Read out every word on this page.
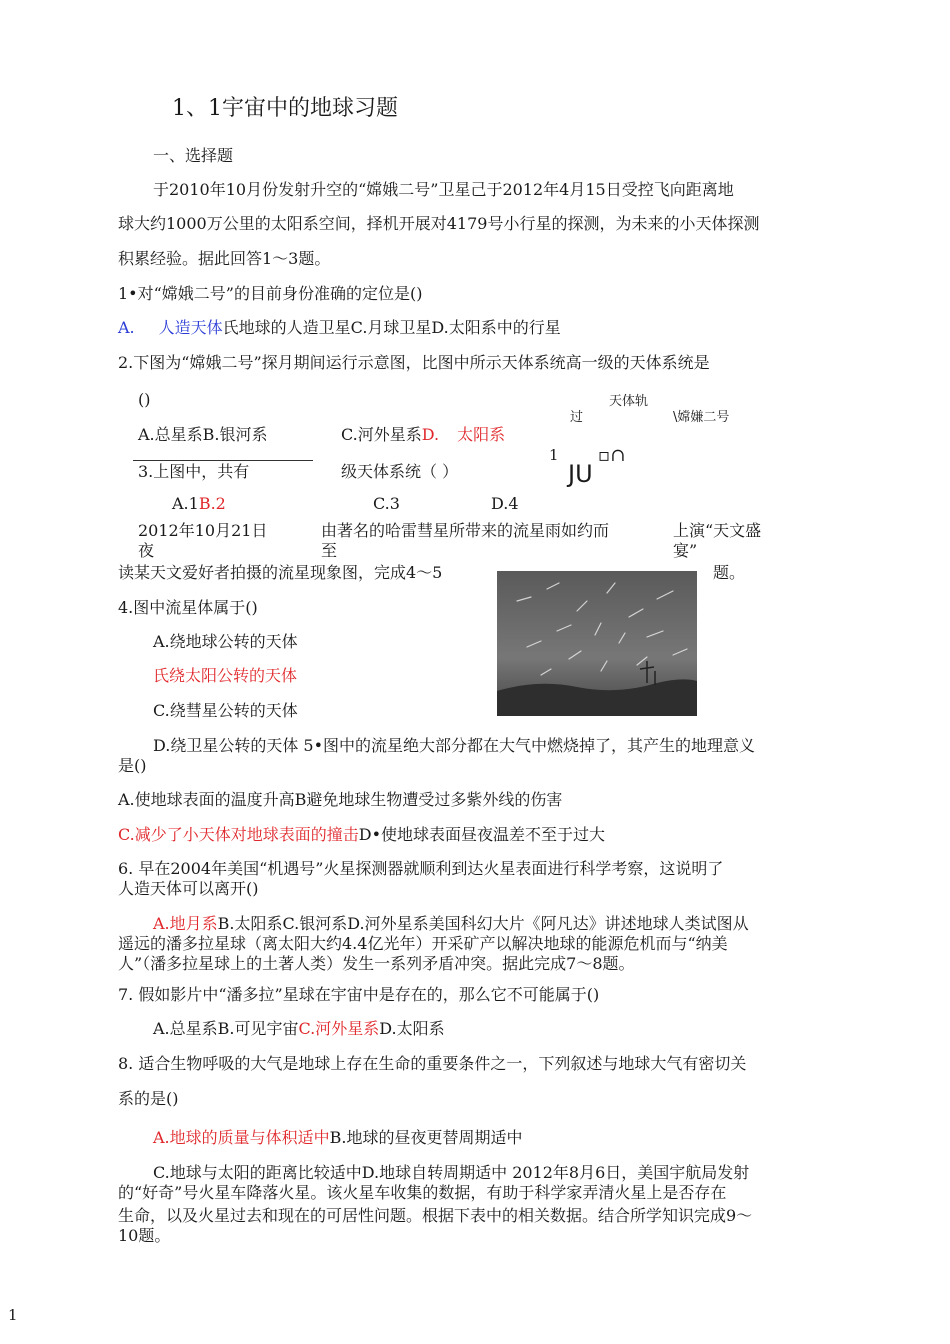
1、1宇宙中的地球习题
一、选择题
于2010年10月份发射升空的“嫦娥二号”卫星己于2012年4月15日受控飞向距离地
球大约1000万公里的太阳系空间，择机开展对4179号小行星的探测，为未来的小天体探测
积累经验。据此回答1〜3题。
1•对“嫦娥二号”的目前身份准确的定位是()
A. 人造天体氏地球的人造卫星C.月球卫星D.太阳系中的行星
2.下图为“嫦娥二号”探月期间运行示意图，比图中所示天体系统高一级的天体系统是
()
A.总星系B.银河系	C.河外星系D. 太阳系
天体轨
过	\嫦嫌二号
1 ▫∩
JU
3.上图中，共有	级天体系统（ ）
A.1B.2	C.3	D.4
2012年10月21日
夜
由著名的哈雷彗星所带来的流星雨如约而
至
上演“天文盛
宴”
读某天文爱好者拍摄的流星现象图，完成4〜5	题。
4.图中流星体属于()
A.绕地球公转的天体
氏绕太阳公转的天体
C.绕彗星公转的天体
D.绕卫星公转的天体 5•图中的流星绝大部分都在大气中燃烧掉了，其产生的地理意义
是()
A.使地球表面的温度升高B避免地球生物遭受过多紫外线的伤害
C.减少了小天体对地球表面的撞击D•使地球表面昼夜温差不至于过大
6. 早在2004年美国“机遇号”火星探测器就顺利到达火星表面进行科学考察，这说明了
人造天体可以离开()
A.地月系B.太阳系C.银河系D.河外星系美国科幻大片《阿凡达》讲述地球人类试图从
遥远的潘多拉星球（离太阳大约4.4亿光年）开采矿产以解决地球的能源危机而与“纳美
人”（潘多拉星球上的土著人类）发生一系列矛盾冲突。据此完成7〜8题。
7. 假如影片中“潘多拉”星球在宇宙中是存在的，那么它不可能属于()
A.总星系B.可见宇宙C.河外星系D.太阳系
8. 适合生物呼吸的大气是地球上存在生命的重要条件之一，下列叙述与地球大气有密切关
系的是()
A.地球的质量与体积适中B.地球的昼夜更替周期适中
C.地球与太阳的距离比较适中D.地球自转周期适中 2012年8月6日，美国宇航局发射
的“好奇”号火星车降落火星。该火星车收集的数据，有助于科学家弄清火星上是否存在
生命，以及火星过去和现在的可居性问题。根据下表中的相关数据。结合所学知识完成9〜
10题。
1
